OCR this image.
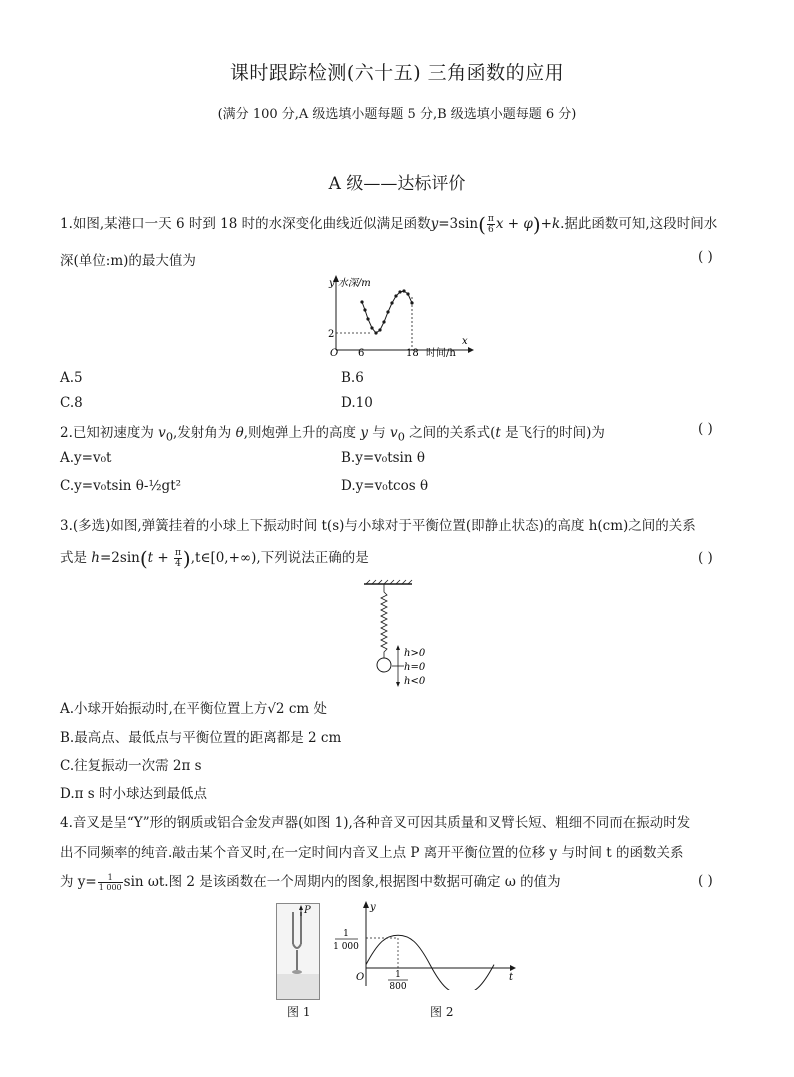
课时跟踪检测(六十五) 三角函数的应用
(满分 100 分,A 级选填小题每题 5 分,B 级选填小题每题 6 分)
A 级——达标评价
1.如图,某港口一天 6 时到 18 时的水深变化曲线近似满足函数$y=3\sin( \frac{\pi}{6}$ x + φ)+k.据此函数可知,这段时间水
深(单位:m)的最大值为	( )
y 水深/m
x
时间/h
O
2
6	18
A.5	B.6
C.8	D.10
2.已知初速度为 $v_0$,发射角为 θ,则炮弹上升的高度 y 与 $v_0$ 之间的关系式(t 是飞行的时间)为	( )
A.y=v₀t	B.y=v₀tsin θ
C.y=v₀tsin θ-½gt²	D.y=v₀tcos θ
3.(多选)如图,弹簧挂着的小球上下振动时间 t(s)与小球对于平衡位置(即静止状态)的高度 h(cm)之间的关系
式是 $h=2\sin(t + \frac{\pi}{4}$ ),t∈[0,+∞),下列说法正确的是	( )
h>0
h=0
h<0
A.小球开始振动时,在平衡位置上方√2 cm 处
B.最高点、最低点与平衡位置的距离都是 2 cm
C.往复振动一次需 2π s
D.π s 时小球达到最低点
4.音叉是呈“Y”形的钢质或铝合金发声器(如图 1),各种音叉可因其质量和叉臂长短、粗细不同而在振动时发
出不同频率的纯音.敲击某个音叉时,在一定时间内音叉上点 P 离开平衡位置的位移 y 与时间 t 的函数关系
为 $y= \frac{1}{1 000}$ sin ωt.图 2 是该函数在一个周期内的图象,根据图中数据可确定 ω 的值为	( )
P
图 1
y
t
O
1
1 000
1
800
图 2
